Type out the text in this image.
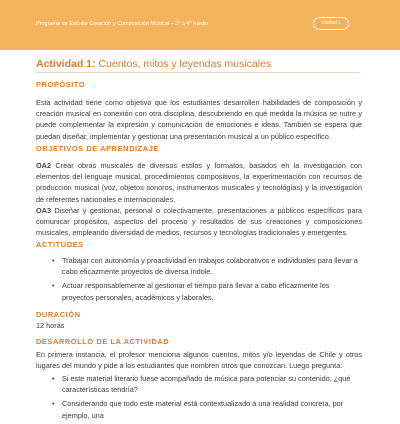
Programa de Estudio Creación y Composición Musical – 3° o 4° medio	Unidad 1
Actividad 1: Cuentos, mitos y leyendas musicales
PROPÓSITO
Esta actividad tiene como objetivo que los estudiantes desarrollen habilidades de composición y creación musical en conexión con otra disciplina, descubriendo en qué medida la música se nutre y puede complementar la expresión y comunicación de emociones e ideas. También se espera que puedan diseñar, implementar y gestionar una presentación musical a un público específico.
OBJETIVOS DE APRENDIZAJE
OA2 Crear obras musicales de diversos estilos y formatos, basados en la investigación con elementos del lenguaje musical, procedimientos compositivos, la experimentación con recursos de producción musical (voz, objetos sonoros, instrumentos musicales y tecnológías) y la investigación de referentes nacionales e internacionales.
OA3 Diseñar y gestionar, personal o colectivamente, presentaciones a públicos específicos para comunicar propósitos, aspectos del proceso y resultados de sus creaciones y composiciones musicales, empleando diversidad de medios, recursos y tecnologías tradicionales y emergentes.
ACTITUDES
• Trabajar con autonomía y proactividad en trabajos colaborativos e individuales para llevar a cabo eficazmente proyectos de diversa índole.
• Actuar responsablemente al gestionar el tiempo para llevar a cabo eficazmente los proyectos personales, académicos y laborales.
DURACIÓN
12 horas
DESARROLLO DE LA ACTIVIDAD
En primera instancia, el profesor menciona algunos cuentos, mitos y/o leyendas de Chile y otros lugares del mundo y pide a los estudiantes que nombren otros que conozcan. Luego pregunta:
• Si este material literario fuese acompañado de música para potenciar su contenido, ¿qué características tendría?
• Considerando que todo este material está contextualizado a una realidad concreta, por ejemplo, una
